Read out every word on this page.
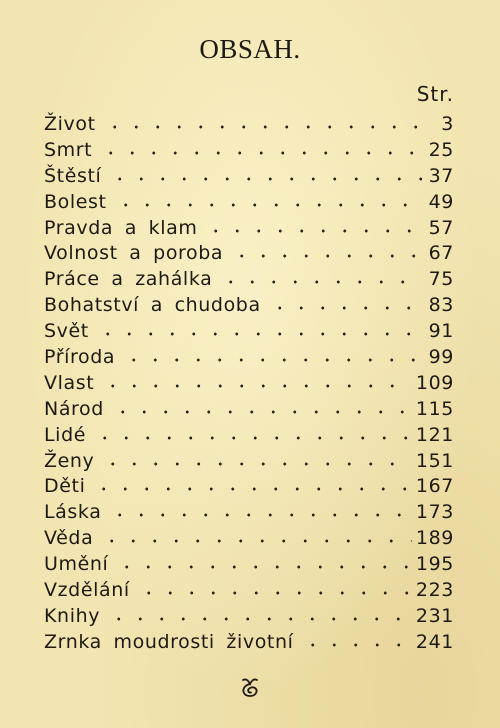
OBSAH.
Str.
Život	3
Smrt	25
Štěstí	37
Bolest	49
Pravda a klam	57
Volnost a poroba	67
Práce a zahálka	75
Bohatství a chudoba	83
Svět	91
Příroda	99
Vlast	109
Národ	115
Lidé	121
Ženy	151
Děti	167
Láska	173
Věda	189
Umění	195
Vzdělání	223
Knihy	231
Zrnka moudrosti životní	241
